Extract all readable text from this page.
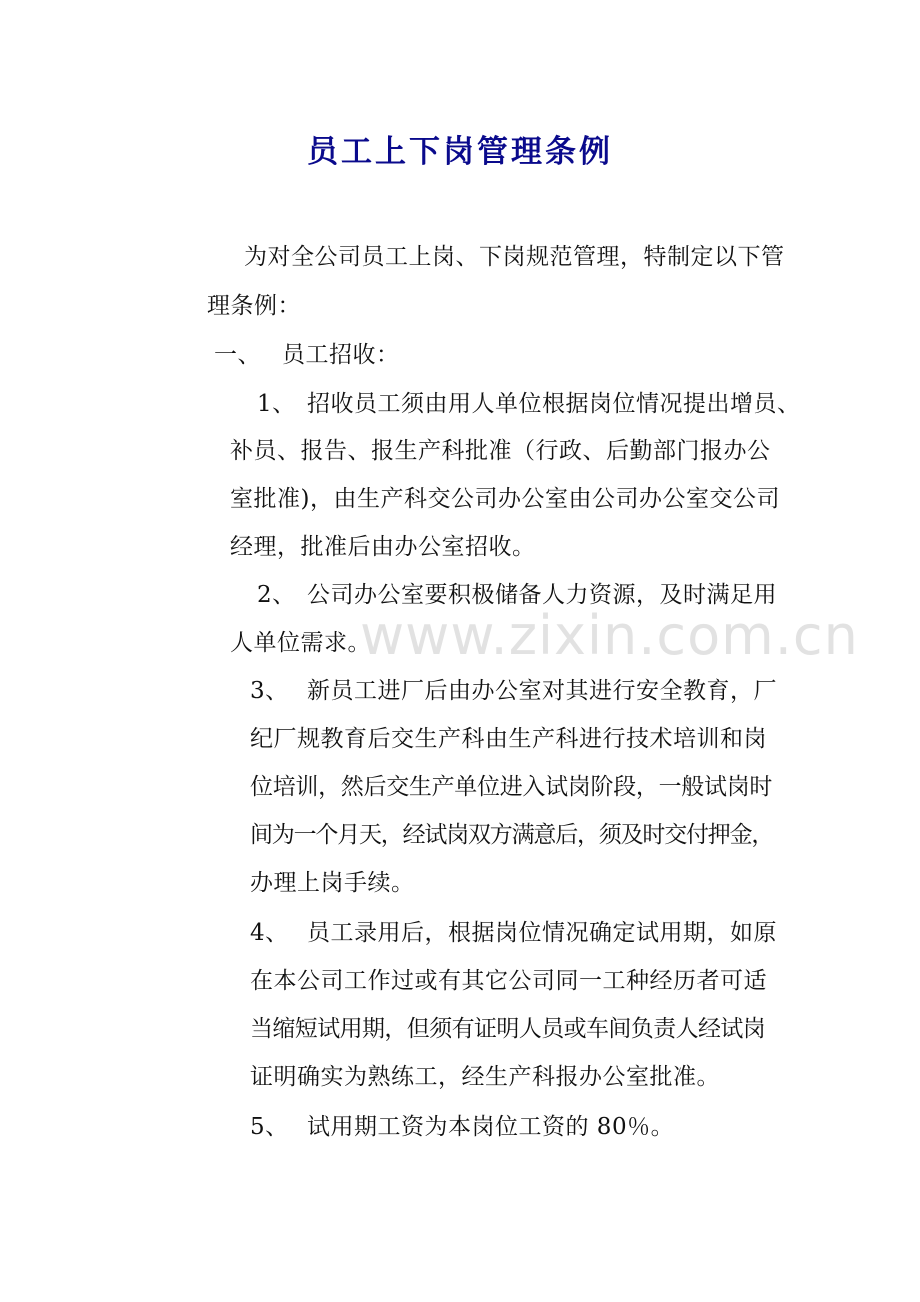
员工上下岗管理条例
为对全公司员工上岗、下岗规范管理，特制定以下管
理条例：
一、 员工招收：
1、 招收员工须由用人单位根据岗位情况提出增员、
补员、报告、报生产科批准（行政、后勤部门报办公
室批准)，由生产科交公司办公室由公司办公室交公司
经理，批准后由办公室招收。
2、 公司办公室要积极储备人力资源，及时满足用
人单位需求。
3、 新员工进厂后由办公室对其进行安全教育，厂
纪厂规教育后交生产科由生产科进行技术培训和岗
位培训，然后交生产单位进入试岗阶段，一般试岗时
间为一个月天，经试岗双方满意后，须及时交付押金，
办理上岗手续。
4、 员工录用后，根据岗位情况确定试用期，如原
在本公司工作过或有其它公司同一工种经历者可适
当缩短试用期，但须有证明人员或车间负责人经试岗
证明确实为熟练工，经生产科报办公室批准。
5、 试用期工资为本岗位工资的 80％。
www.zixin.com.cn
